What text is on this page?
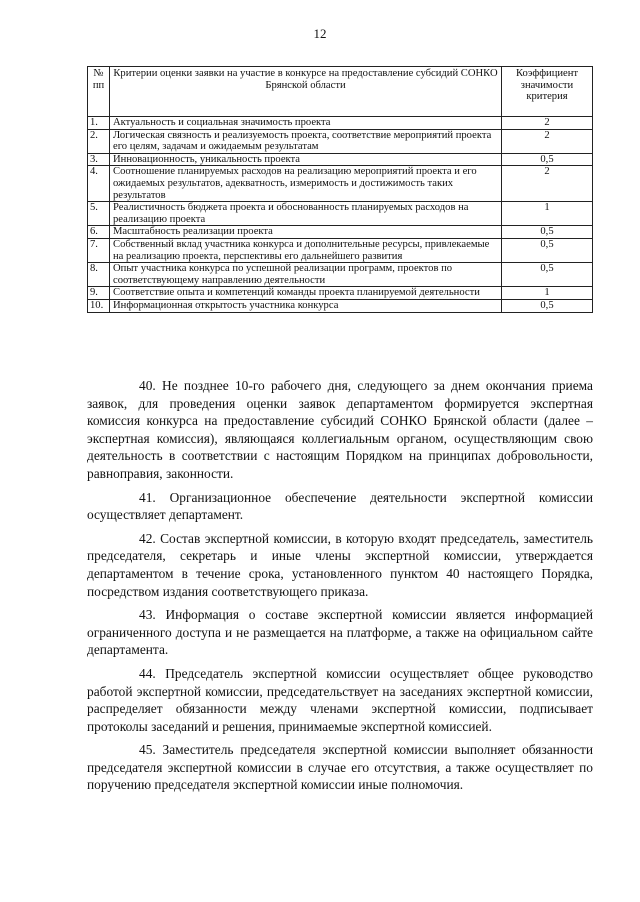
12
№ пп	Критерии оценки заявки на участие в конкурсе на предоставление субсидий СОНКО Брянской области	Коэффициент значимости критерия
1.	Актуальность и социальная значимость проекта	2
2.	Логическая связность и реализуемость проекта, соответствие мероприятий проекта его целям, задачам и ожидаемым результатам	2
3.	Инновационность, уникальность проекта	0,5
4.	Соотношение планируемых расходов на реализацию мероприятий проекта и его ожидаемых результатов, адекватность, измеримость и достижимость таких результатов	2
5.	Реалистичность бюджета проекта и обоснованность планируемых расходов на реализацию проекта	1
6.	Масштабность реализации проекта	0,5
7.	Собственный вклад участника конкурса и дополнительные ресурсы, привлекаемые на реализацию проекта, перспективы его дальнейшего развития	0,5
8.	Опыт участника конкурса по успешной реализации программ, проектов по соответствующему направлению деятельности	0,5
9.	Соответствие опыта и компетенций команды проекта планируемой деятельности	1
10.	Информационная открытость участника конкурса	0,5

40. Не позднее 10-го рабочего дня, следующего за днем окончания приема заявок, для проведения оценки заявок департаментом формируется экспертная комиссия конкурса на предоставление субсидий СОНКО Брянской области (далее – экспертная комиссия), являющаяся коллегиальным органом, осуществляющим свою деятельность в соответствии с настоящим Порядком на принципах добровольности, равноправия, законности.

41. Организационное обеспечение деятельности экспертной комиссии осуществляет департамент.

42. Состав экспертной комиссии, в которую входят председатель, заместитель председателя, секретарь и иные члены экспертной комиссии, утверждается департаментом в течение срока, установленного пунктом 40 настоящего Порядка, посредством издания соответствующего приказа.

43. Информация о составе экспертной комиссии является информацией ограниченного доступа и не размещается на платформе, а также на официальном сайте департамента.

44. Председатель экспертной комиссии осуществляет общее руководство работой экспертной комиссии, председательствует на заседаниях экспертной комиссии, распределяет обязанности между членами экспертной комиссии, подписывает протоколы заседаний и решения, принимаемые экспертной комиссией.

45. Заместитель председателя экспертной комиссии выполняет обязанности председателя экспертной комиссии в случае его отсутствия, а также осуществляет по поручению председателя экспертной комиссии иные полномочия.
